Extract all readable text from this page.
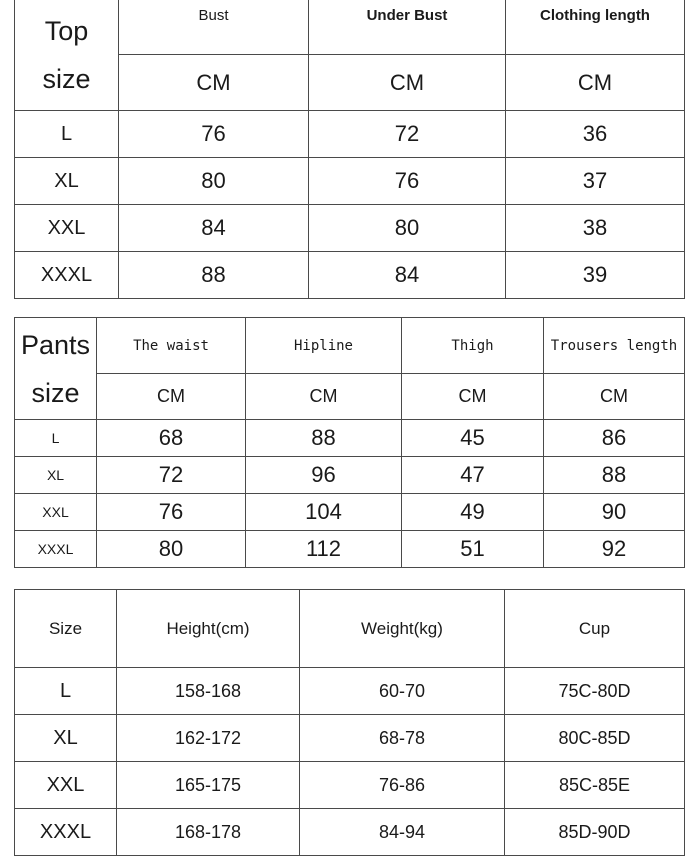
Top
size	Bust	Under Bust	Clothing length
	CM	CM	CM
L	76	72	36
XL	80	76	37
XXL	84	80	38
XXXL	88	84	39
Pants
size	The waist	Hipline	Thigh	Trousers length
	CM	CM	CM	CM
L	68	88	45	86
XL	72	96	47	88
XXL	76	104	49	90
XXXL	80	112	51	92
Size	Height(cm)	Weight(kg)	Cup
L	158-168	60-70	75C-80D
XL	162-172	68-78	80C-85D
XXL	165-175	76-86	85C-85E
XXXL	168-178	84-94	85D-90D
